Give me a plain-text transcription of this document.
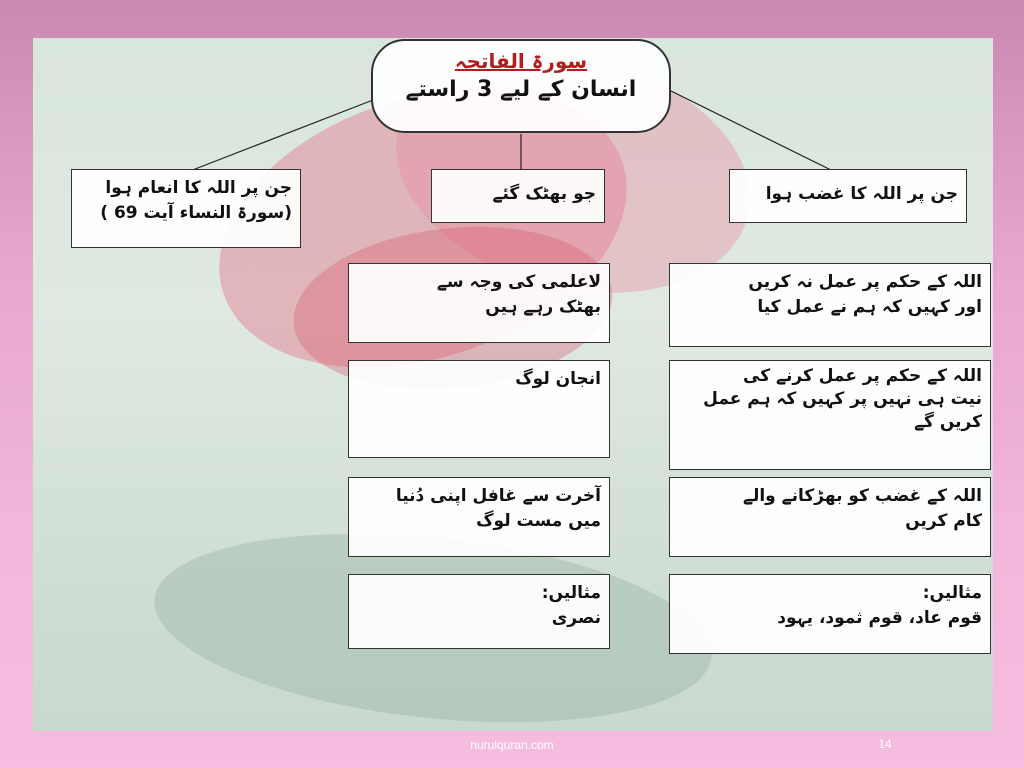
سورۃ الفاتحہ
انسان کے لیے 3 راستے
جن پر اللہ کا انعام ہوا
(سورۃ النساء آیت 69 )
جو بھٹک گئے	جن پر اللہ کا غضب ہوا
لاعلمی کی وجہ سے
بھٹک رہے ہیں
انجان لوگ
آخرت سے غافل اپنی دُنیا
میں مست لوگ
مثالیں:
نصری
اللہ کے حکم پر عمل نہ کریں
اور کہیں کہ ہم نے عمل کیا
اللہ کے حکم پر عمل کرنے کی
نیت ہی نہیں پر کہیں کہ ہم عمل
کریں گے
اللہ کے غضب کو بھڑکانے والے
کام کریں
مثالیں:
قوم عاد، قوم ثمود، یہود
nurulquran.com	14
